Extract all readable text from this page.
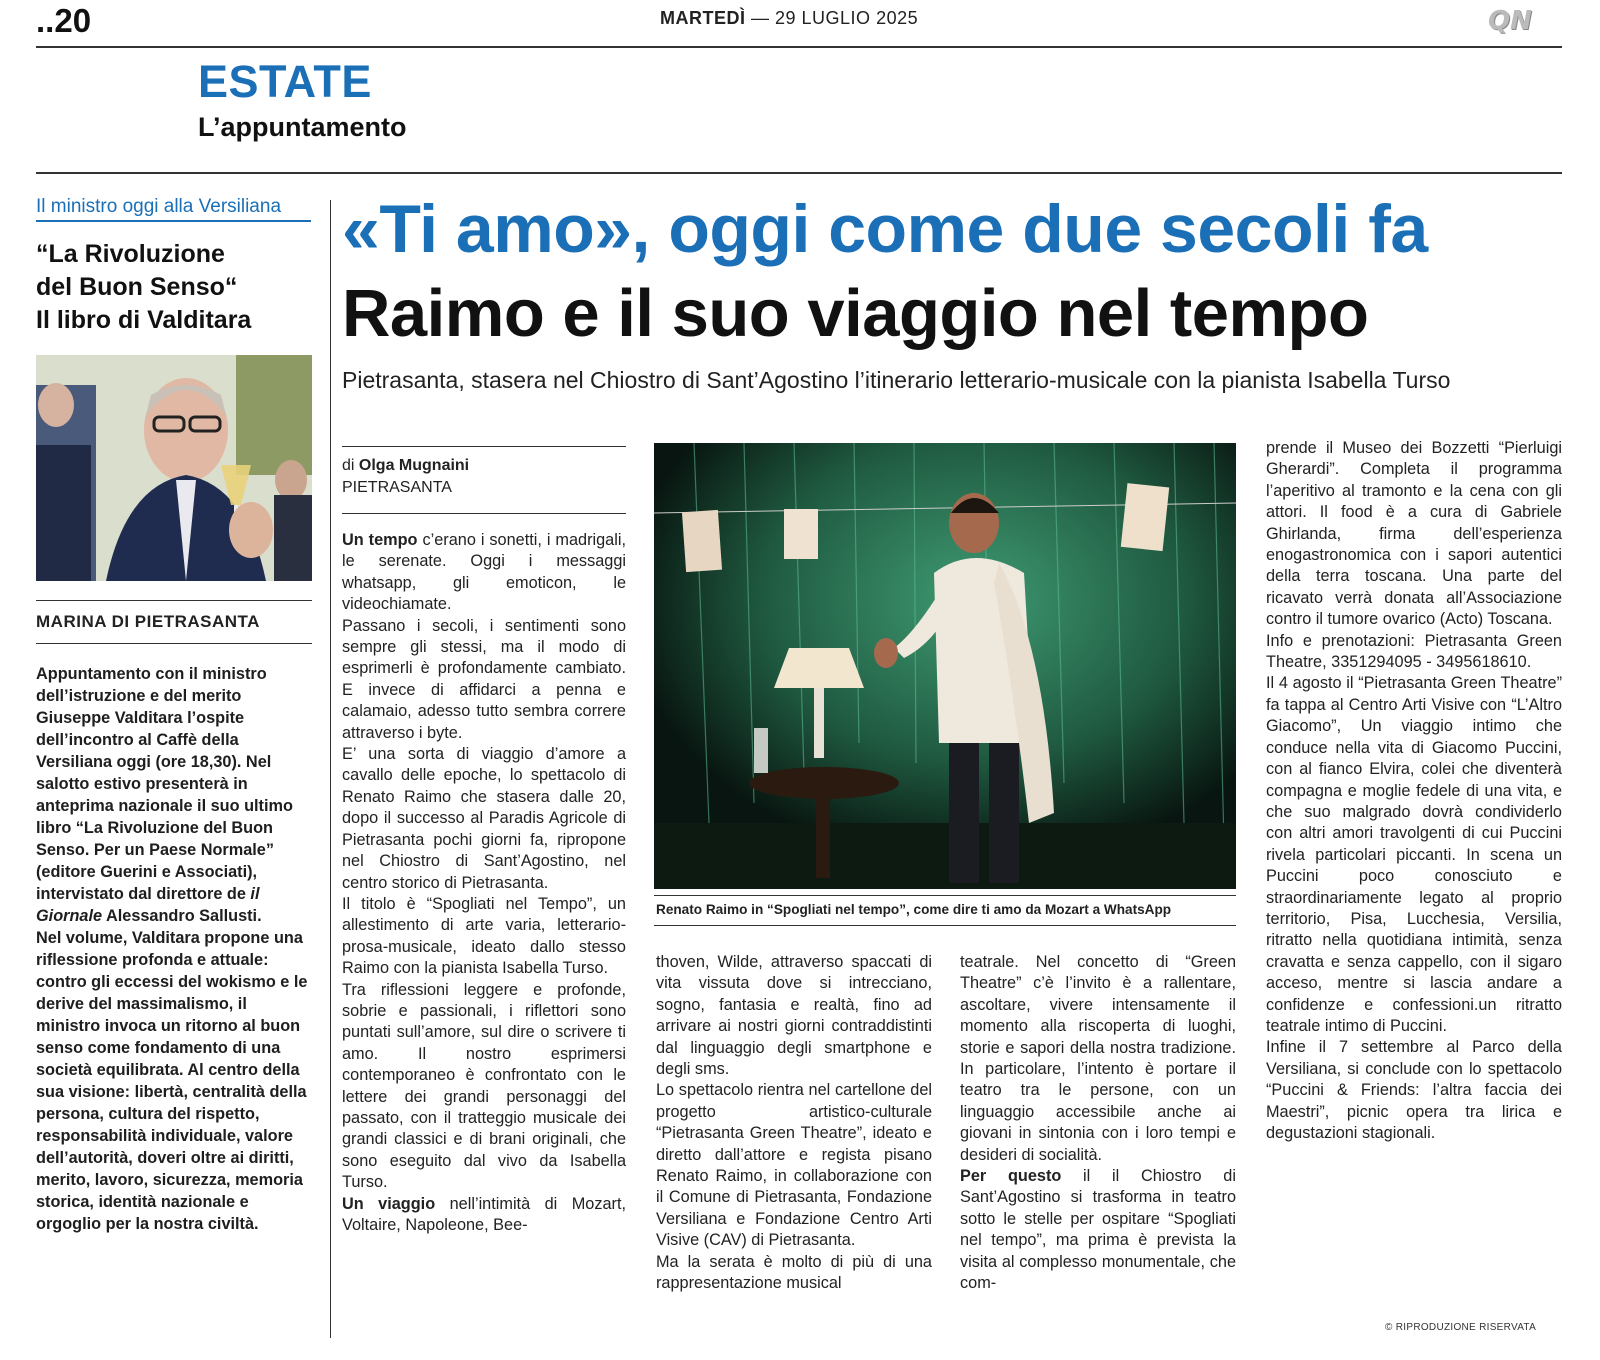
..20	MARTEDÌ — 29 LUGLIO 2025	QN
ESTATE
L’appuntamento
Il ministro oggi alla Versiliana
“La Rivoluzione
del Buon Senso“
Il libro di Valditara
MARINA DI PIETRASANTA

Appuntamento con il ministro dell’istruzione e del merito Giuseppe Valditara l’ospite dell’incontro al Caffè della Versiliana oggi (ore 18,30). Nel salotto estivo presenterà in anteprima nazionale il suo ultimo libro “La Rivoluzione del Buon Senso. Per un Paese Normale” (editore Guerini e Associati), intervistato dal direttore de il Giornale Alessandro Sallusti.

Nel volume, Valditara propone una riflessione profonda e attuale: contro gli eccessi del wokismo e le derive del massimalismo, il ministro invoca un ritorno al buon senso come fondamento di una società equilibrata. Al centro della sua visione: libertà, centralità della persona, cultura del rispetto, responsabilità individuale, valore dell’autorità, doveri oltre ai diritti, merito, lavoro, sicurezza, memoria storica, identità nazionale e orgoglio per la nostra civiltà.

«Ti amo», oggi come due secoli fa
Raimo e il suo viaggio nel tempo
Pietrasanta, stasera nel Chiostro di Sant’Agostino l’itinerario letterario-musicale con la pianista Isabella Turso
di Olga Mugnaini
PIETRASANTA

Un tempo c’erano i sonetti, i madrigali, le serenate. Oggi i messaggi whatsapp, gli emoticon, le videochiamate.

Passano i secoli, i sentimenti sono sempre gli stessi, ma il modo di esprimerli è profondamente cambiato. E invece di affidarci a penna e calamaio, adesso tutto sembra correre attraverso i byte.

E’ una sorta di viaggio d’amore a cavallo delle epoche, lo spettacolo di Renato Raimo che stasera dalle 20, dopo il successo al Paradis Agricole di Pietrasanta pochi giorni fa, ripropone nel Chiostro di Sant’Agostino, nel centro storico di Pietrasanta.

Il titolo è “Spogliati nel Tempo”, un allestimento di arte varia, letterario-prosa-musicale, ideato dallo stesso Raimo con la pianista Isabella Turso.

Tra riflessioni leggere e profonde, sobrie e passionali, i riflettori sono puntati sull’amore, sul dire o scrivere ti amo. Il nostro esprimersi contemporaneo è confrontato con le lettere dei grandi personaggi del passato, con il tratteggio musicale dei grandi classici e di brani originali, che sono eseguito dal vivo da Isabella Turso.

Un viaggio nell’intimità di Mozart, Voltaire, Napoleone, Bee-

Renato Raimo in “Spogliati nel tempo”, come dire ti amo da Mozart a WhatsApp

thoven, Wilde, attraverso spaccati di vita vissuta dove si intrecciano, sogno, fantasia e realtà, fino ad arrivare ai nostri giorni contraddistinti dal linguaggio degli smartphone e degli sms.

Lo spettacolo rientra nel cartellone del progetto artistico-culturale “Pietrasanta Green Theatre”, ideato e diretto dall’attore e regista pisano Renato Raimo, in collaborazione con il Comune di Pietrasanta, Fondazione Versiliana e Fondazione Centro Arti Visive (CAV) di Pietrasanta.

Ma la serata è molto di più di una rappresentazione musical

teatrale. Nel concetto di “Green Theatre” c’è l’invito è a rallentare, ascoltare, vivere intensamente il momento alla riscoperta di luoghi, storie e sapori della nostra tradizione. In particolare, l’intento è portare il teatro tra le persone, con un linguaggio accessibile anche ai giovani in sintonia con i loro tempi e desideri di socialità.

Per questo il il Chiostro di Sant’Agostino si trasforma in teatro sotto le stelle per ospitare “Spogliati nel tempo”, ma prima è prevista la visita al complesso monumentale, che com-

prende il Museo dei Bozzetti “Pierluigi Gherardi”. Completa il programma l’aperitivo al tramonto e la cena con gli attori. Il food è a cura di Gabriele Ghirlanda, firma dell’esperienza enogastronomica con i sapori autentici della terra toscana. Una parte del ricavato verrà donata all’Associazione contro il tumore ovarico (Acto) Toscana.

Info e prenotazioni: Pietrasanta Green Theatre, 3351294095 - 3495618610.

Il 4 agosto il “Pietrasanta Green Theatre” fa tappa al Centro Arti Visive con “L’Altro Giacomo”, Un viaggio intimo che conduce nella vita di Giacomo Puccini, con al fianco Elvira, colei che diventerà compagna e moglie fedele di una vita, e che suo malgrado dovrà condividerlo con altri amori travolgenti di cui Puccini rivela particolari piccanti. In scena un Puccini poco conosciuto e straordinariamente legato al proprio territorio, Pisa, Lucchesia, Versilia, ritratto nella quotidiana intimità, senza cravatta e senza cappello, con il sigaro acceso, mentre si lascia andare a confidenze e confessioni.un ritratto teatrale intimo di Puccini.

Infine il 7 settembre al Parco della Versiliana, si conclude con lo spettacolo “Puccini & Friends: l’altra faccia dei Maestri”, picnic opera tra lirica e degustazioni stagionali.

© RIPRODUZIONE RISERVATA
